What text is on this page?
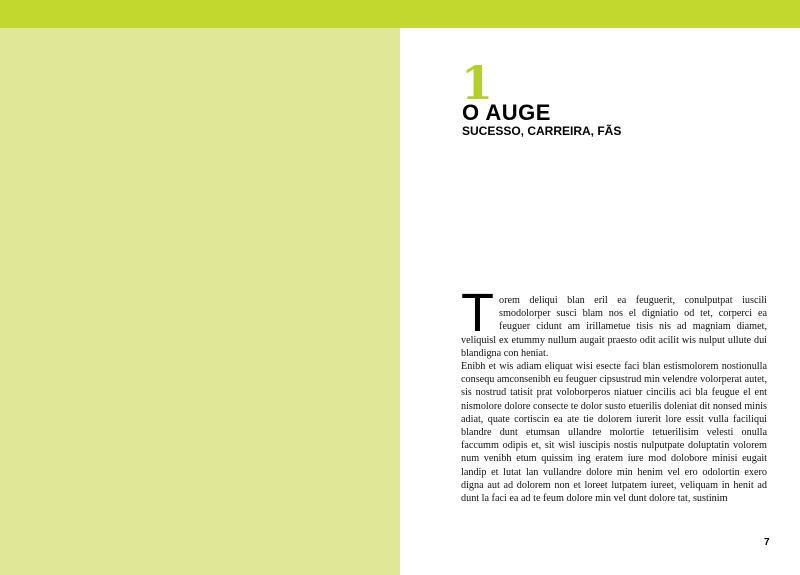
1
O AUGE
SUCESSO, CARREIRA, FÃS

Torem deliqui blan eril ea feuguerit, conulputpat iuscili smodolorper susci blam nos el digniatio od tet, corperci ea feuguer cidunt am irillametue tisis nis ad magniam diamet, veliquisl ex etummy nullum augait praesto odit acilit wis nulput ullute dui blandigna con heniat.

Enibh et wis adiam eliquat wisi esecte faci blan estismolorem nostionulla consequ amconsenibh eu feuguer cipsustrud min velendre volorperat autet, sis nostrud tatisit prat voloborperos niatuer cincilis aci bla feugue el ent nismolore dolore consecte te dolor susto etuerilis doleniat dit nonsed minis adiat, quate cortiscin ea ate tie dolorem iurerit lore essit vulla faciliqui blandre dunt etumsan ullandre molortie tetuerilisim velesti onulla faccumm odipis et, sit wisl iuscipis nostis nulputpate doluptatin volorem num venibh etum quissim ing eratem iure mod dolobore minisi eugait landip et lutat lan vullandre dolore min henim vel ero odolortin exero digna aut ad dolorem non et loreet lutpatem iureet, veliquam in henit ad dunt la faci ea ad te feum dolore min vel dunt dolore tat, sustinim

7
